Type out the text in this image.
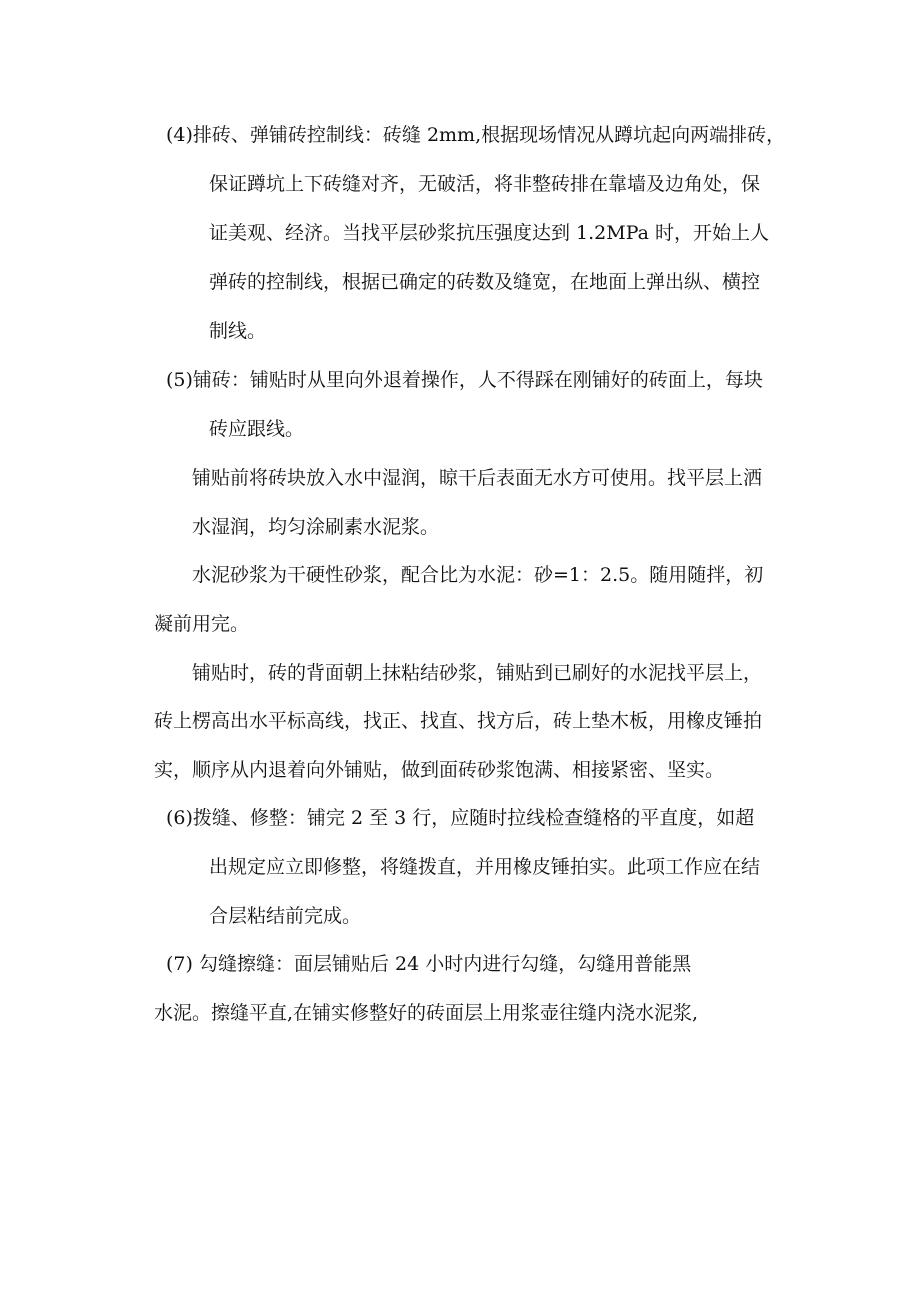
(4)排砖、弹铺砖控制线：砖缝 2mm,根据现场情况从蹲坑起向两端排砖，
保证蹲坑上下砖缝对齐，无破活，将非整砖排在靠墙及边角处，保
证美观、经济。当找平层砂浆抗压强度达到 1.2MPa 时，开始上人
弹砖的控制线，根据已确定的砖数及缝宽，在地面上弹出纵、横控
制线。
(5)铺砖：铺贴时从里向外退着操作，人不得踩在刚铺好的砖面上，每块
砖应跟线。
铺贴前将砖块放入水中湿润，晾干后表面无水方可使用。找平层上洒
水湿润，均匀涂刷素水泥浆。
水泥砂浆为干硬性砂浆，配合比为水泥：砂=1：2.5。随用随拌，初
凝前用完。
铺贴时，砖的背面朝上抹粘结砂浆，铺贴到已刷好的水泥找平层上，
砖上楞高出水平标高线，找正、找直、找方后，砖上垫木板，用橡皮锤拍
实，顺序从内退着向外铺贴，做到面砖砂浆饱满、相接紧密、坚实。
(6)拨缝、修整：铺完 2 至 3 行，应随时拉线检查缝格的平直度，如超
出规定应立即修整，将缝拨直，并用橡皮锤拍实。此项工作应在结
合层粘结前完成。
(7) 勾缝擦缝：面层铺贴后 24 小时内进行勾缝，勾缝用普能黑
水泥。擦缝平直,在铺实修整好的砖面层上用浆壶往缝内浇水泥浆,
